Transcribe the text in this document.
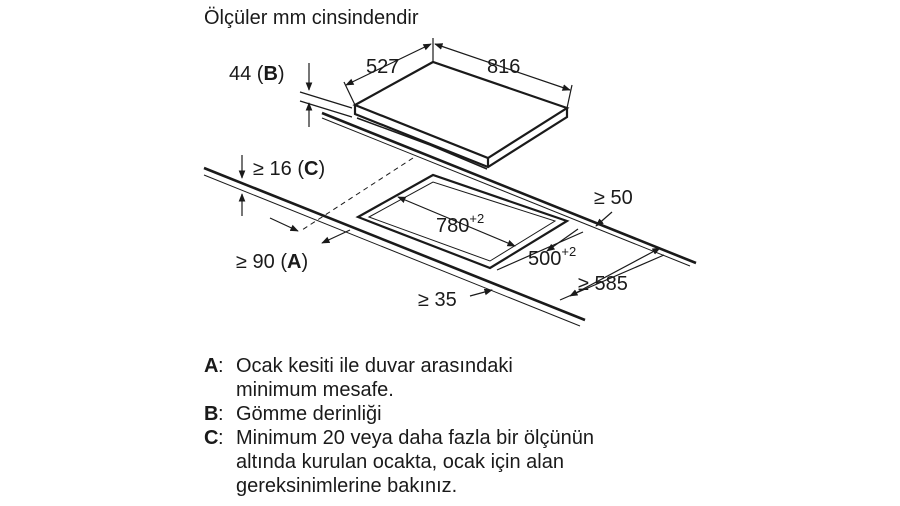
Ölçüler mm cinsindendir
527	816
44 (B)
≥ 16 (C)
$780^{+2}$
$500^{+2}$
≥ 50
≥ 585
≥ 35
≥ 90 (A)
A : Ocak kesiti ile duvar arasındaki
minimum mesafe.
B : Gömme derinliği
C : Minimum 20 veya daha fazla bir ölçünün
altında kurulan ocakta, ocak için alan
gereksinimlerine bakınız.
